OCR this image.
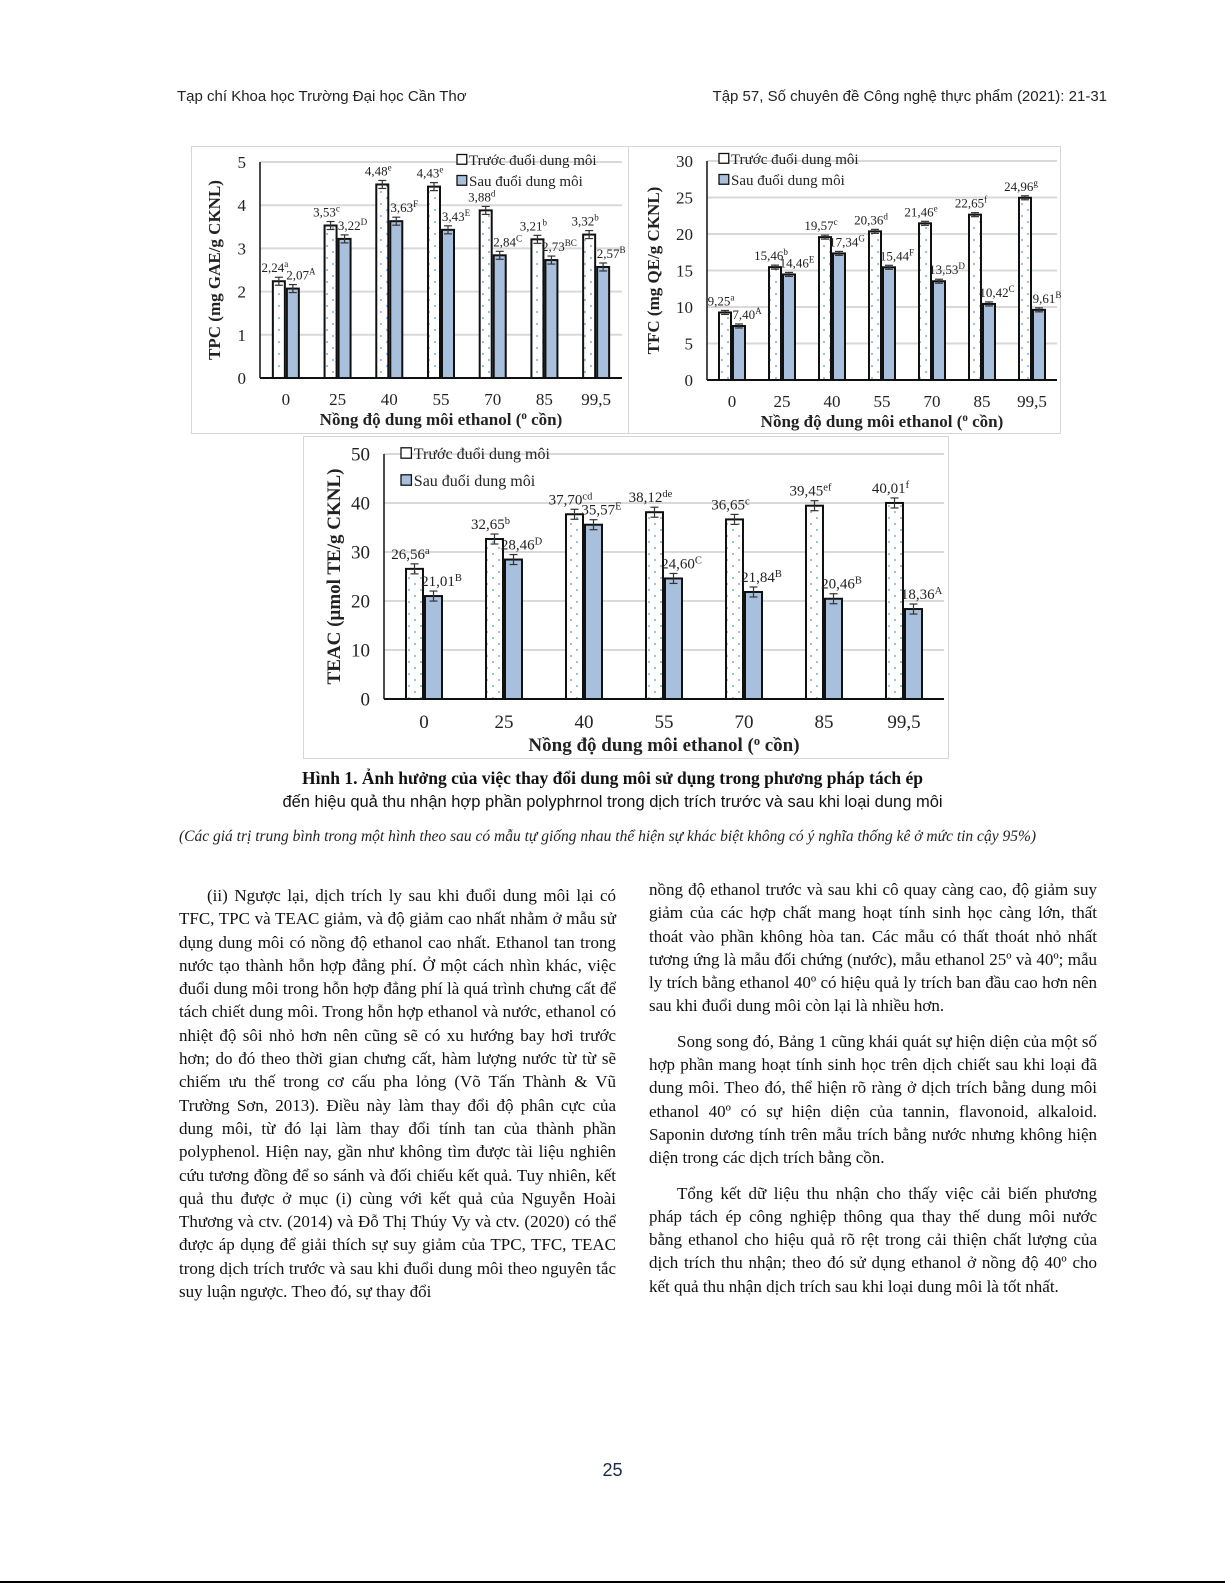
Tạp chí Khoa học Trường Đại học Cần Thơ	Tập 57, Số chuyên đề Công nghệ thực phẩm (2021): 21-31
0
1
2
3
4
5
0
2,24$^a$
$2,07^A$
25
3,53$^c$
$3,22^D$
40
4,48e
$3,63^F$
55
4,43e
$3,43^E$
70
3,88$^d$
$2,84^C$
85
3,21$^b$
$2,73^{BC}$
99,5
3,32$^b$
$2,57^B$
TPC (mg GAE/g CKNL)
Nồng độ dung môi ethanol ($^o$ cồn)
Trước đuổi dung môi
Sau đuổi dung môi
0
5
10
15
20
25
30
0
9,25$^a$
$7,40^A$
25
15,46$^b$
$14,46^E$
40
19,57$^c$
$17,34^G$
55
20,36$^d$
$15,44^F$
70
21,46e
$13,53^D$
85
22,65$^f$
$10,42^C$
99,5
24,96$^g$
$9,61^B$
TFC (mg QE/g CKNL)
Nồng độ dung môi ethanol ($^o$ cồn)
Trước đuổi dung môi
Sau đuổi dung môi
0
10
20
30
40
50
0
26,56$^a$
$21,01^B$
25
32,65$^b$
$28,46^D$
40
37,70$^{cd}$
$35,57^E$
55
38,12de
$24,60^C$
70
36,65$^c$
$21,84^B$
85
39,45$^{ef}$
$20,46^B$
99,5
40,01$^f$
$18,36^A$
TEAC (µmol TE/g CKNL)
Nồng độ dung môi ethanol ($^o$ cồn)
Trước đuổi dung môi
Sau đuổi dung môi
Hình 1. Ảnh hưởng của việc thay đổi dung môi sử dụng trong phương pháp tách ép
đến hiệu quả thu nhận hợp phần polyphrnol trong dịch trích trước và sau khi loại dung môi
(Các giá trị trung bình trong một hình theo sau có mẫu tự giống nhau thể hiện sự khác biệt không có ý nghĩa thống kê ở mức tin cậy 95%)

(ii) Ngược lại, dịch trích ly sau khi đuổi dung môi lại có TFC, TPC và TEAC giảm, và độ giảm cao nhất nhằm ở mẫu sử dụng dung môi có nồng độ ethanol cao nhất. Ethanol tan trong nước tạo thành hỗn hợp đẳng phí. Ở một cách nhìn khác, việc đuổi dung môi trong hỗn hợp đẳng phí là quá trình chưng cất để tách chiết dung môi. Trong hỗn hợp ethanol và nước, ethanol có nhiệt độ sôi nhỏ hơn nên cũng sẽ có xu hướng bay hơi trước hơn; do đó theo thời gian chưng cất, hàm lượng nước từ từ sẽ chiếm ưu thế trong cơ cấu pha lỏng (Võ Tấn Thành & Vũ Trường Sơn, 2013). Điều này làm thay đổi độ phân cực của dung môi, từ đó lại làm thay đổi tính tan của thành phần polyphenol. Hiện nay, gần như không tìm được tài liệu nghiên cứu tương đồng để so sánh và đối chiếu kết quả. Tuy nhiên, kết quả thu được ở mục (i) cùng với kết quả của Nguyễn Hoài Thương và ctv. (2014) và Đỗ Thị Thúy Vy và ctv. (2020) có thể được áp dụng để giải thích sự suy giảm của TPC, TFC, TEAC trong dịch trích trước và sau khi đuổi dung môi theo nguyên tắc suy luận ngược. Theo đó, sự thay đổi

nồng độ ethanol trước và sau khi cô quay càng cao, độ giảm suy giảm của các hợp chất mang hoạt tính sinh học càng lớn, thất thoát vào phần không hòa tan. Các mẫu có thất thoát nhỏ nhất tương ứng là mẫu đối chứng (nước), mẫu ethanol 25º và 40º; mẫu ly trích bằng ethanol 40º có hiệu quả ly trích ban đầu cao hơn nên sau khi đuổi dung môi còn lại là nhiều hơn.

Song song đó, Bảng 1 cũng khái quát sự hiện diện của một số hợp phần mang hoạt tính sinh học trên dịch chiết sau khi loại đã dung môi. Theo đó, thể hiện rõ ràng ở dịch trích bằng dung môi ethanol 40º có sự hiện diện của tannin, flavonoid, alkaloid. Saponin dương tính trên mẫu trích bằng nước nhưng không hiện diện trong các dịch trích bằng cồn.

Tổng kết dữ liệu thu nhận cho thấy việc cải biến phương pháp tách ép công nghiệp thông qua thay thế dung môi nước bằng ethanol cho hiệu quả rõ rệt trong cải thiện chất lượng của dịch trích thu nhận; theo đó sử dụng ethanol ở nồng độ 40º cho kết quả thu nhận dịch trích sau khi loại dung môi là tốt nhất.

25
